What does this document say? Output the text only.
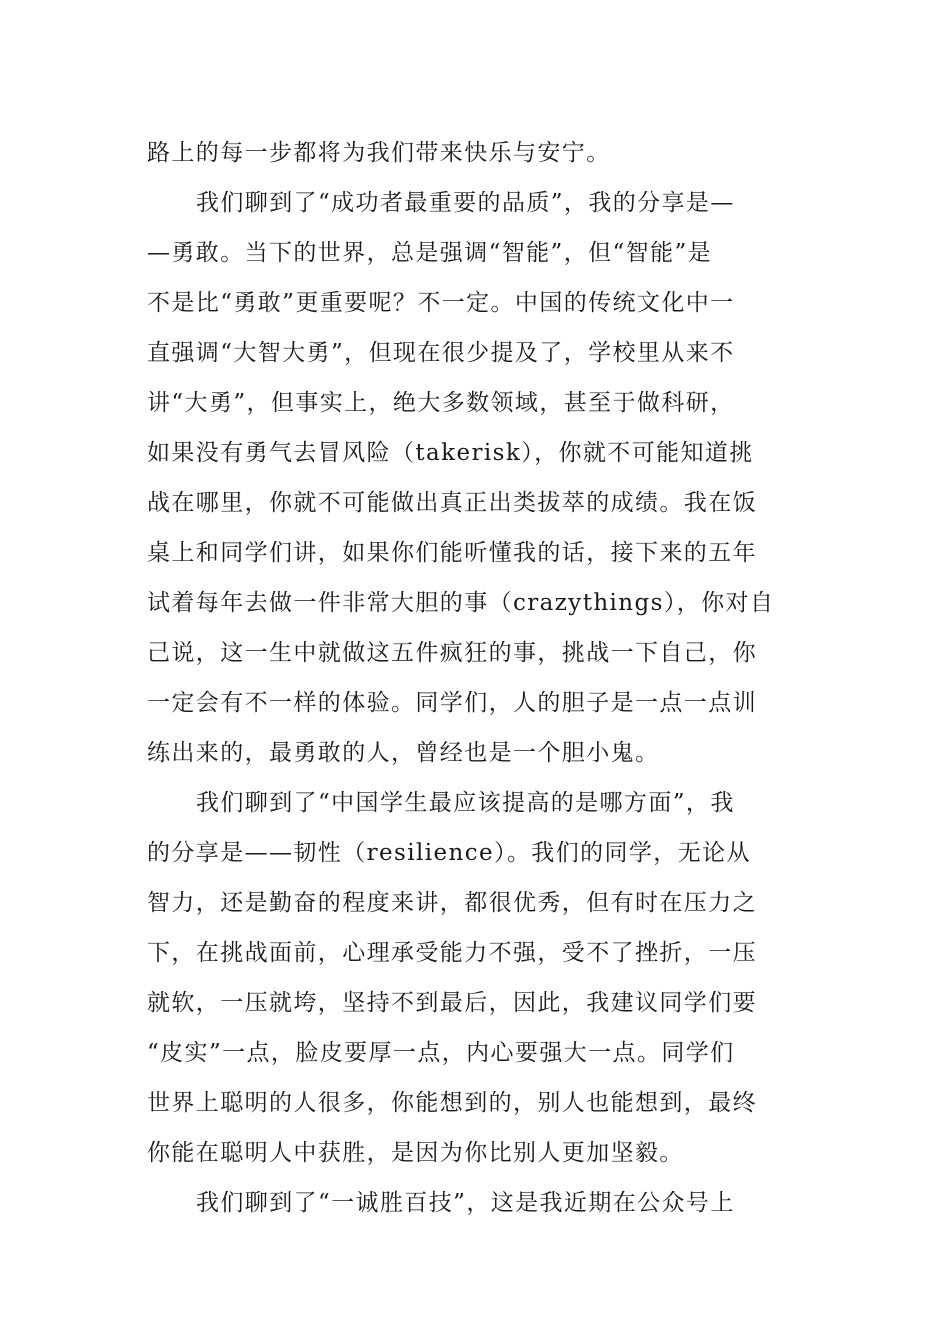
路上的每一步都将为我们带来快乐与安宁。
我们聊到了“成功者最重要的品质”，我的分享是—
—勇敢。当下的世界，总是强调“智能”，但“智能”是
不是比“勇敢”更重要呢？不一定。中国的传统文化中一
直强调“大智大勇”，但现在很少提及了，学校里从来不
讲“大勇”，但事实上，绝大多数领域，甚至于做科研，
如果没有勇气去冒风险（takerisk），你就不可能知道挑
战在哪里，你就不可能做出真正出类拔萃的成绩。我在饭
桌上和同学们讲，如果你们能听懂我的话，接下来的五年
试着每年去做一件非常大胆的事（crazythings），你对自
己说，这一生中就做这五件疯狂的事，挑战一下自己，你
一定会有不一样的体验。同学们，人的胆子是一点一点训
练出来的，最勇敢的人，曾经也是一个胆小鬼。
我们聊到了“中国学生最应该提高的是哪方面”，我
的分享是——韧性（resilience）。我们的同学，无论从
智力，还是勤奋的程度来讲，都很优秀，但有时在压力之
下，在挑战面前，心理承受能力不强，受不了挫折，一压
就软，一压就垮，坚持不到最后，因此，我建议同学们要
“皮实”一点，脸皮要厚一点，内心要强大一点。同学们
世界上聪明的人很多，你能想到的，别人也能想到，最终
你能在聪明人中获胜，是因为你比别人更加坚毅。
我们聊到了“一诚胜百技”，这是我近期在公众号上
